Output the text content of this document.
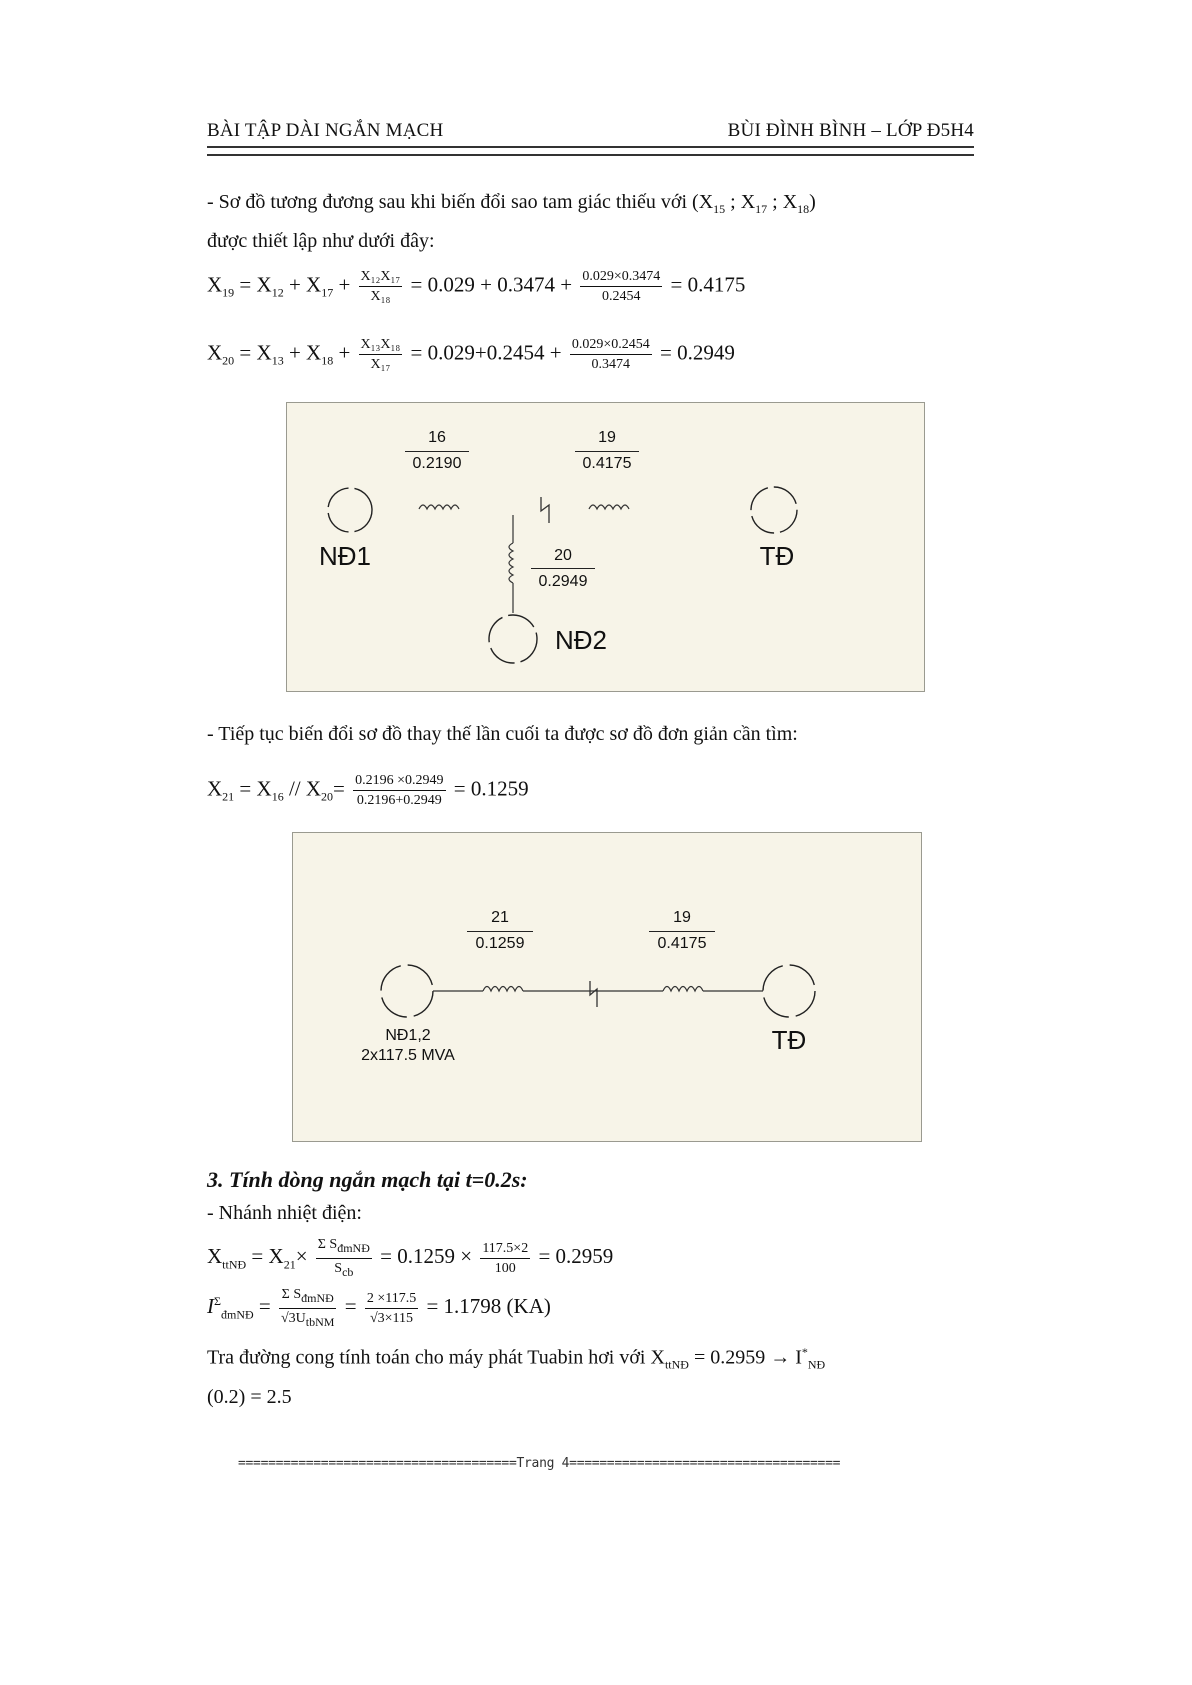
BÀI TẬP DÀI NGẮN MẠCH	BÙI ĐÌNH BÌNH – LỚP Đ5H4
- Sơ đồ tương đương sau khi biến đổi sao tam giác thiếu với ($X_{15}$ ; $X_{17}$ ; $X_{18}$)
được thiết lập như dưới đây:
$X_{19} = X_{12} + X_{17} + \frac{\text{X₁₂X₁₇}}{\text{X₁₈}} = 0.029 + 0.3474 + \frac{0.029\times 0.3474}{0.2454} = 0.4175$
$X_{20} = X_{13} + X_{18} + \frac{\text{X₁₃X₁₈}}{\text{X₁₇}} = 0.029+0.2454 + \frac{0.029\times 0.2454}{0.3474} = 0.2949$
16
0.2190
19
0.4175
20
0.2949
NĐ1	TĐ
NĐ2
- Tiếp tục biến đổi sơ đồ thay thế lần cuối ta được sơ đồ đơn giản cần tìm:
$X_{21} = X_{16} // X_{20}= \frac{0.2196 \times 0.2949}{0.2196+0.2949} = 0.1259$
21
0.1259
19
0.4175
NĐ1,2
2x117.5 MVA
TĐ
3. Tính dòng ngắn mạch tại t=0.2s:
- Nhánh nhiệt điện:
$X_{ttNĐ} = X_{21}\times \frac{\Sigma S_{đmNĐ}}{S_{cb}} = 0.1259 \times \frac{117.5\times 2}{100} = 0.2959$
$I^\Sigma_{đmNĐ} = \frac{\Sigma S_{đmNĐ}}{√3U_{tbNM}} = \frac{2 \times 117.5}{√3\times 115} = 1.1798$ (KA)
Tra đường cong tính toán cho máy phát Tuabin hơi với $X_{ttNĐ} = 0.2959 \to I^*_{NĐ}$
(0.2) = 2.5
=====================================Trang 4====================================
